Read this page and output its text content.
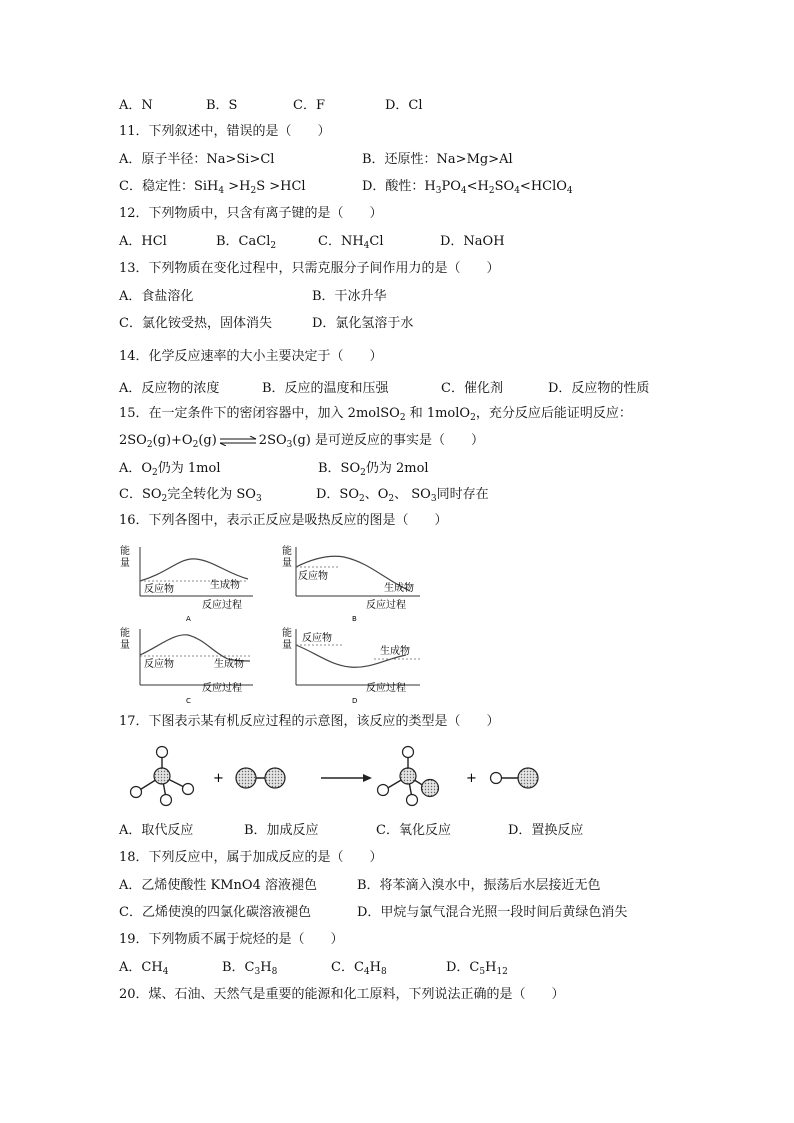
A．N	B．S	C．F	D．Cl
11．下列叙述中，错误的是（　　）
A．原子半径：Na>Si>Cl	B．还原性：Na>Mg>Al
C．稳定性：$SiH_4 >H_2S >HCl$	D．酸性：$H_3PO_4<H_2SO_4<HClO_4$
12．下列物质中，只含有离子键的是（　　）
A．HCl	B．CaCl$_2$	C．$NH_4Cl$	D．NaOH
13．下列物质在变化过程中，只需克服分子间作用力的是（　　）
A．食盐溶化	B．干冰升华
C．氯化铵受热，固体消失	D．氯化氢溶于水
14．化学反应速率的大小主要决定于（　　）
A．反应物的浓度	B．反应的温度和压强	C．催化剂	D．反应物的性质
15．在一定条件下的密闭容器中，加入 2molSO$_2$ 和 1molO$_2$，充分反应后能证明反应：
$2SO_2(g)+O_2(g)\rightleftharpoons 2SO_3(g)$ 是可逆反应的事实是（　　）
A．$O_2$仍为 1mol	B．$SO_2$仍为 2mol
C．$SO_2$完全转化为 $SO_3$	D．$SO_2$、$O_2$、 $SO_3$同时存在
16．下列各图中，表示正反应是吸热反应的图是（　　）
能
量
反应物	生成物
反应过程
A
能
量
反应物
生成物
反应过程
B
能
量
反应物	生成物
反应过程
C
能
量
反应物
生成物
反应过程
D
17．下图表示某有机反应过程的示意图，该反应的类型是（　　）
+	+
A．取代反应	B．加成反应	C．氧化反应	D．置换反应
18．下列反应中，属于加成反应的是（　　）
A．乙烯使酸性 KMnO4 溶液褪色	B．将苯滴入溴水中，振荡后水层接近无色
C．乙烯使溴的四氯化碳溶液褪色	D．甲烷与氯气混合光照一段时间后黄绿色消失
19．下列物质不属于烷烃的是（　　）
A．$CH_4$	B．$C_3H_8$	C．$C_4H_8$	D．$C_5H_{12}$
20．煤、石油、天然气是重要的能源和化工原料，下列说法正确的是（　　）
